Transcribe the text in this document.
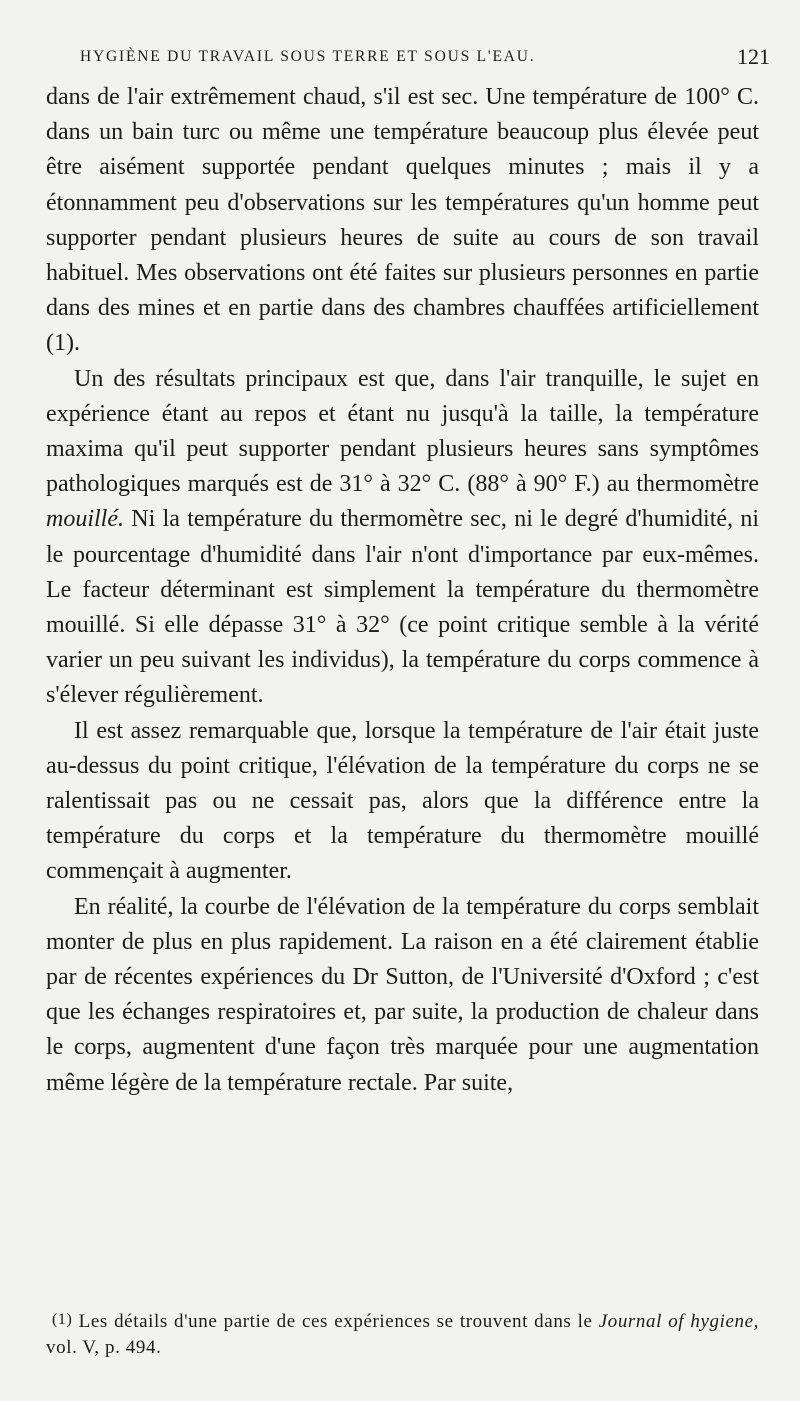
HYGIÈNE DU TRAVAIL SOUS TERRE ET SOUS L'EAU.	121

dans de l'air extrêmement chaud, s'il est sec. Une température de 100° C. dans un bain turc ou même une température beaucoup plus élevée peut être aisément supportée pendant quelques minutes ; mais il y a étonnamment peu d'observations sur les températures qu'un homme peut supporter pendant plusieurs heures de suite au cours de son travail habituel. Mes observations ont été faites sur plusieurs personnes en partie dans des mines et en partie dans des chambres chauffées artificiellement (1).

Un des résultats principaux est que, dans l'air tranquille, le sujet en expérience étant au repos et étant nu jusqu'à la taille, la température maxima qu'il peut supporter pendant plusieurs heures sans symptômes pathologiques marqués est de 31° à 32° C. (88° à 90° F.) au thermomètre mouillé. Ni la température du thermomètre sec, ni le degré d'humidité, ni le pourcentage d'humidité dans l'air n'ont d'importance par eux-mêmes. Le facteur déterminant est simplement la température du thermomètre mouillé. Si elle dépasse 31° à 32° (ce point critique semble à la vérité varier un peu suivant les individus), la température du corps commence à s'élever régulièrement.

Il est assez remarquable que, lorsque la température de l'air était juste au-dessus du point critique, l'élévation de la température du corps ne se ralentissait pas ou ne cessait pas, alors que la différence entre la température du corps et la température du thermomètre mouillé commençait à augmenter.

En réalité, la courbe de l'élévation de la température du corps semblait monter de plus en plus rapidement. La raison en a été clairement établie par de récentes expériences du Dr Sutton, de l'Université d'Oxford ; c'est que les échanges respiratoires et, par suite, la production de chaleur dans le corps, augmentent d'une façon très marquée pour une augmentation même légère de la température rectale. Par suite,

(1) Les détails d'une partie de ces expériences se trouvent dans le Journal of hygiene, vol. V, p. 494.
